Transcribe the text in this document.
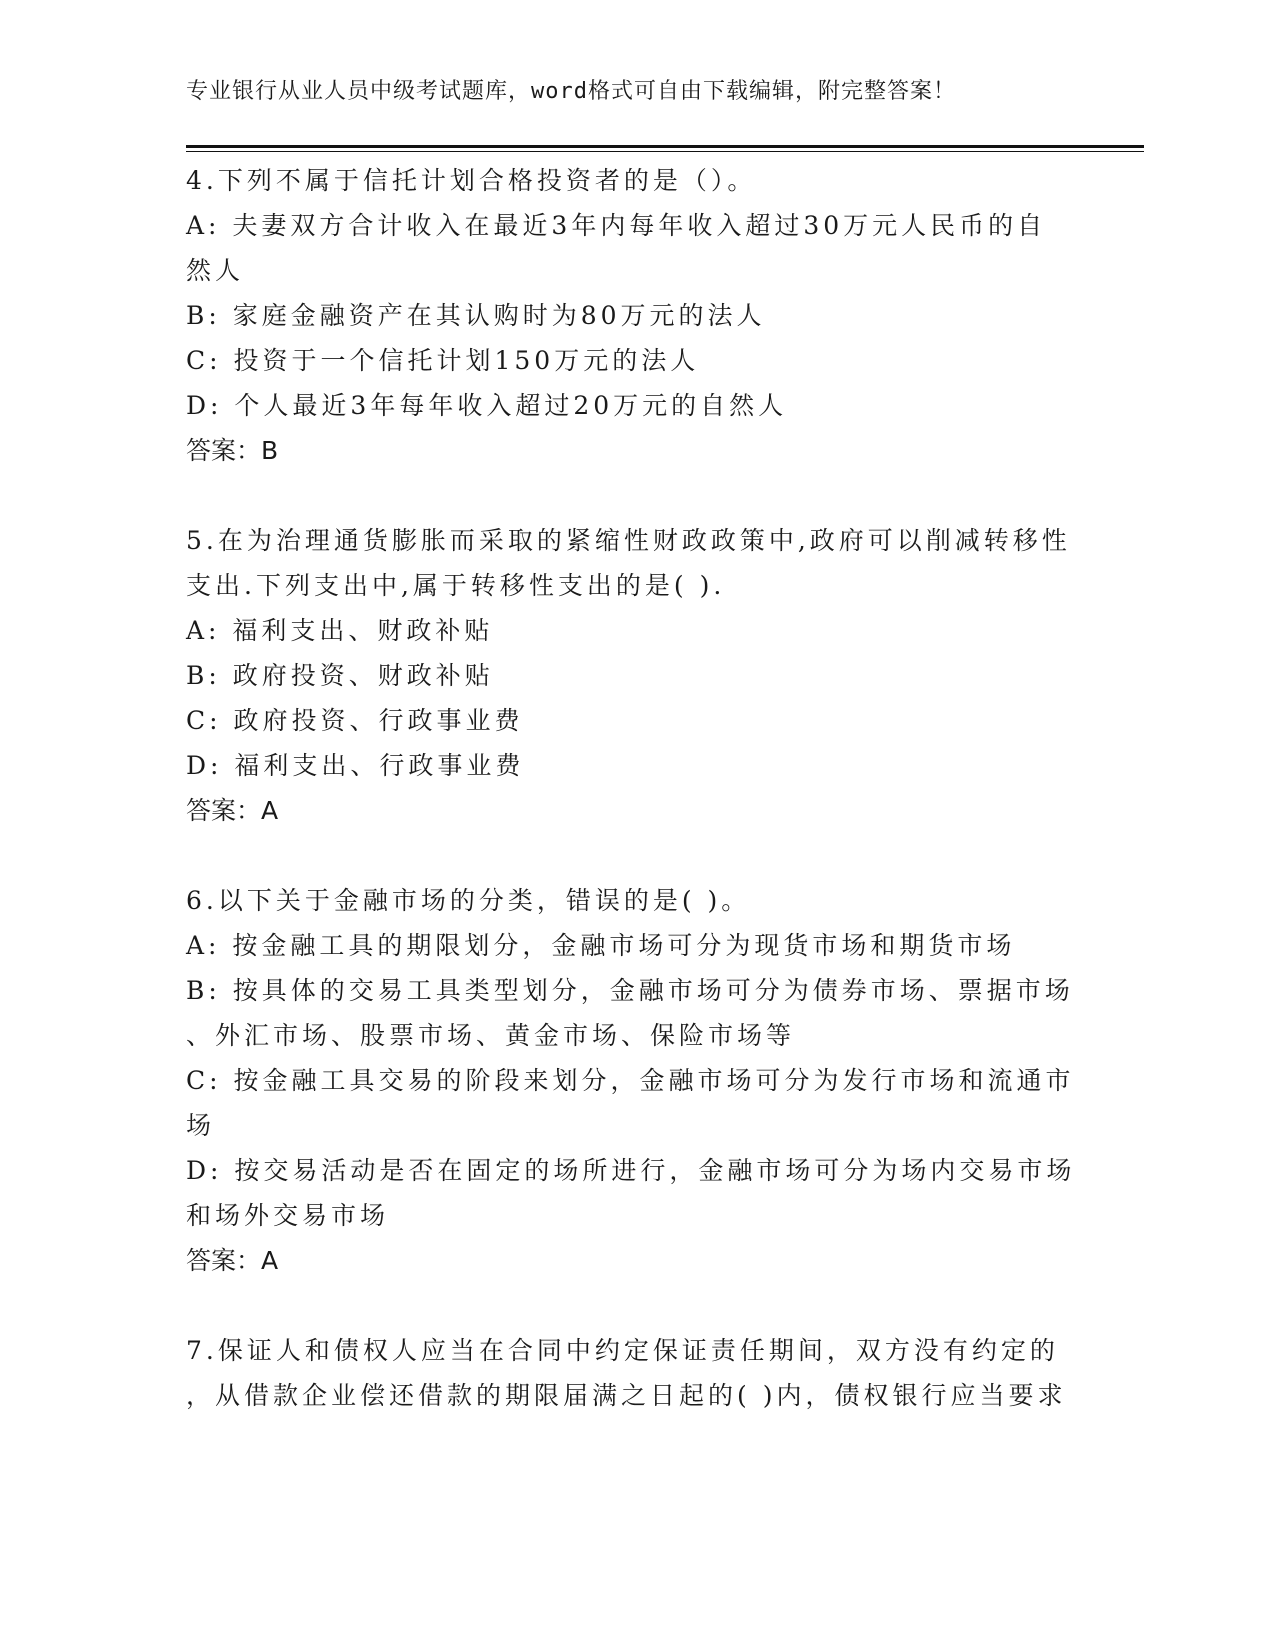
专业银行从业人员中级考试题库，word格式可自由下载编辑，附完整答案！
4.下列不属于信托计划合格投资者的是（）。
A: 夫妻双方合计收入在最近3年内每年收入超过30万元人民币的自
然人
B: 家庭金融资产在其认购时为80万元的法人
C: 投资于一个信托计划150万元的法人
D: 个人最近3年每年收入超过20万元的自然人
答案：B
5.在为治理通货膨胀而采取的紧缩性财政政策中,政府可以削减转移性
支出.下列支出中,属于转移性支出的是( ).
A: 福利支出、财政补贴
B: 政府投资、财政补贴
C: 政府投资、行政事业费
D: 福利支出、行政事业费
答案：A
6.以下关于金融市场的分类，错误的是( )。
A: 按金融工具的期限划分，金融市场可分为现货市场和期货市场
B: 按具体的交易工具类型划分，金融市场可分为债券市场、票据市场
、外汇市场、股票市场、黄金市场、保险市场等
C: 按金融工具交易的阶段来划分，金融市场可分为发行市场和流通市
场
D: 按交易活动是否在固定的场所进行，金融市场可分为场内交易市场
和场外交易市场
答案：A
7.保证人和债权人应当在合同中约定保证责任期间，双方没有约定的
，从借款企业偿还借款的期限届满之日起的( )内，债权银行应当要求
